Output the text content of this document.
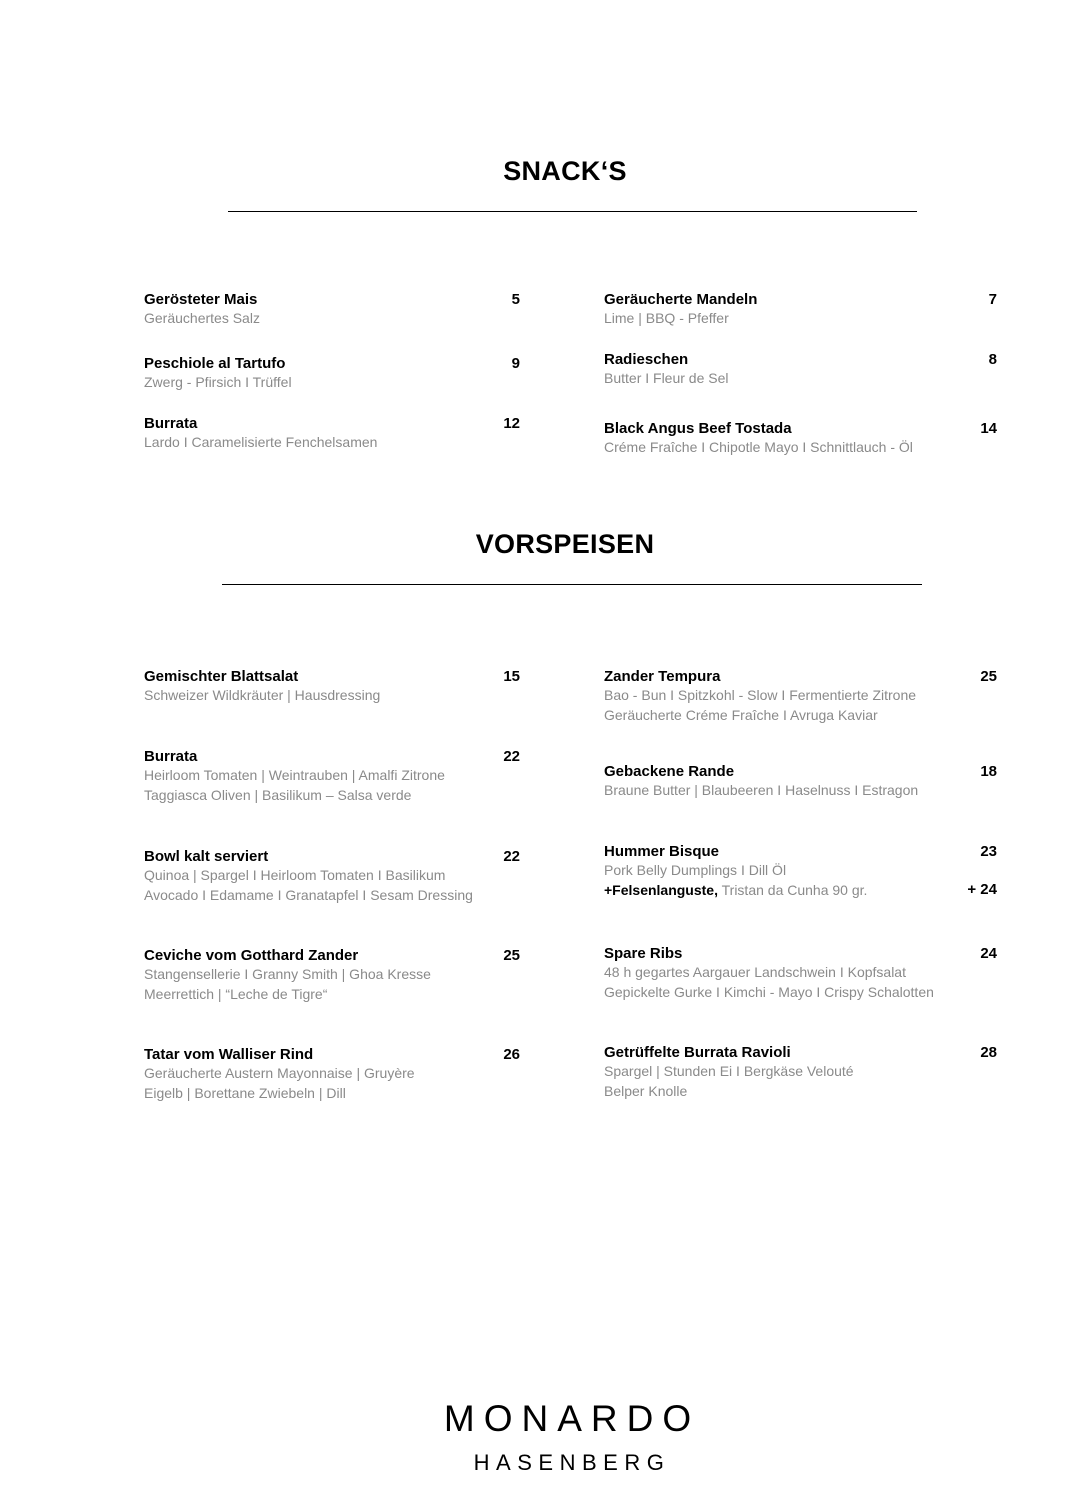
SNACK‘S
Gerösteter Mais
Geräuchertes Salz
5
Peschiole al Tartufo
Zwerg - Pfirsich I Trüffel
9
Burrata
Lardo I Caramelisierte Fenchelsamen
12
Geräucherte Mandeln
Lime | BBQ - Pfeffer
7
Radieschen
Butter I Fleur de Sel
8
Black Angus Beef Tostada
Créme Fraîche I Chipotle Mayo I Schnittlauch - Öl
14
VORSPEISEN
Gemischter Blattsalat
Schweizer Wildkräuter | Hausdressing
15
Burrata
Heirloom Tomaten | Weintrauben | Amalfi Zitrone
Taggiasca Oliven | Basilikum – Salsa verde
22
Bowl kalt serviert
Quinoa | Spargel I Heirloom Tomaten I Basilikum
Avocado I Edamame I Granatapfel I Sesam Dressing
22
Ceviche vom Gotthard Zander
Stangensellerie I Granny Smith | Ghoa Kresse
Meerrettich | “Leche de Tigre“
25
Tatar vom Walliser Rind
Geräucherte Austern Mayonnaise | Gruyère
Eigelb | Borettane Zwiebeln | Dill
26
Zander Tempura
Bao - Bun I Spitzkohl - Slow I Fermentierte Zitrone
Geräucherte Créme Fraîche I Avruga Kaviar
25
Gebackene Rande
Braune Butter | Blaubeeren I Haselnuss I Estragon
18
Hummer Bisque
Pork Belly Dumplings I Dill Öl
+Felsenlanguste, Tristan da Cunha 90 gr.
23
+ 24
Spare Ribs
48 h gegartes Aargauer Landschwein I Kopfsalat
Gepickelte Gurke I Kimchi - Mayo I Crispy Schalotten
24
Getrüffelte Burrata Ravioli
Spargel | Stunden Ei I Bergkäse Velouté
Belper Knolle
28
MONARDO
HASENBERG
